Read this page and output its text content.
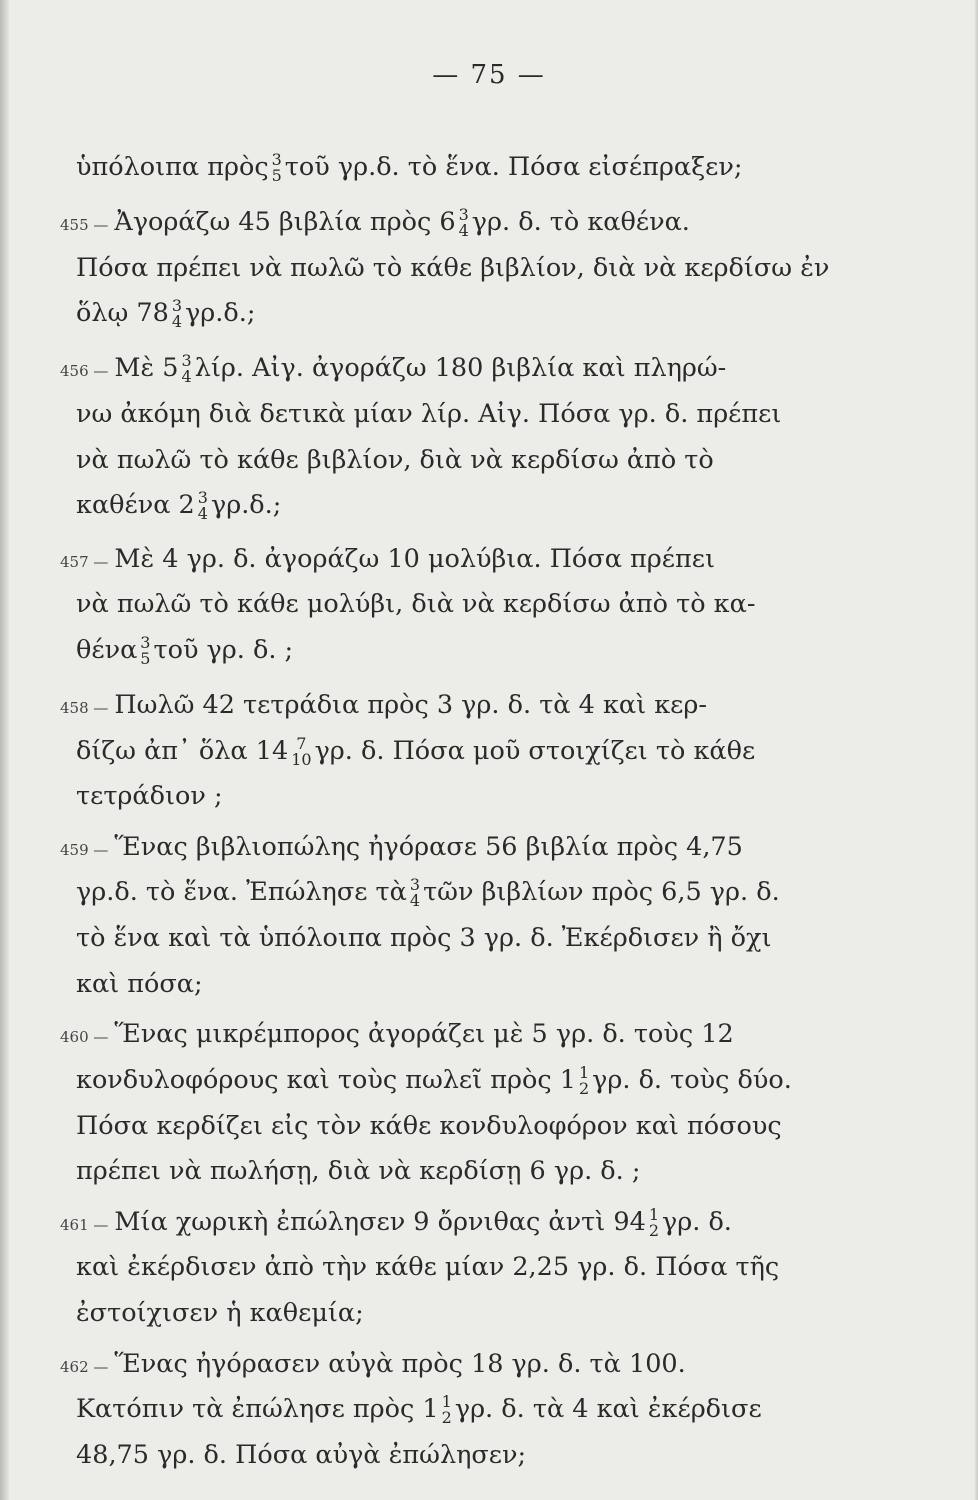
— 75 —
ὑπόλοιπα πρὸς 3
5 τοῦ γρ.δ. τὸ ἕνα. Πόσα εἰσέπραξεν;
455 — Ἀγοράζω 45 βιβλία πρὸς 6 3
4 γρ. δ. τὸ καθένα.
Πόσα πρέπει νὰ πωλῶ τὸ κάθε βιβλίον, διὰ νὰ κερδίσω ἐν
ὅλῳ 78 3
4 γρ.δ.;
456 — Μὲ 5 3
4 λίρ. Αἰγ. ἀγοράζω 180 βιβλία καὶ πληρώ-
νω ἀκόμη διὰ δετικὰ μίαν λίρ. Αἰγ. Πόσα γρ. δ. πρέπει
νὰ πωλῶ τὸ κάθε βιβλίον, διὰ νὰ κερδίσω ἀπὸ τὸ
καθένα 2 3
4 γρ.δ.;
457 — Μὲ 4 γρ. δ. ἀγοράζω 10 μολύβια. Πόσα πρέπει
νὰ πωλῶ τὸ κάθε μολύβι, διὰ νὰ κερδίσω ἀπὸ τὸ κα-
θένα 3
5 τοῦ γρ. δ. ;
458 — Πωλῶ 42 τετράδια πρὸς 3 γρ. δ. τὰ 4 καὶ κερ-
δίζω ἀπ᾽ ὅλα 14 7
10 γρ. δ. Πόσα μοῦ στοιχίζει τὸ κάθε
τετράδιον ;
459 — Ἕνας βιβλιοπώλης ἠγόρασε 56 βιβλία πρὸς 4,75
γρ.δ. τὸ ἕνα. Ἐπώλησε τὰ 3
4 τῶν βιβλίων πρὸς 6,5 γρ. δ.
τὸ ἕνα καὶ τὰ ὑπόλοιπα πρὸς 3 γρ. δ. Ἐκέρδισεν ἢ ὄχι
καὶ πόσα;
460 — Ἕνας μικρέμπορος ἀγοράζει μὲ 5 γρ. δ. τοὺς 12
κονδυλοφόρους καὶ τοὺς πωλεῖ πρὸς 1 1
2 γρ. δ. τοὺς δύο.
Πόσα κερδίζει εἰς τὸν κάθε κονδυλοφόρον καὶ πόσους
πρέπει νὰ πωλήσῃ, διὰ νὰ κερδίσῃ 6 γρ. δ. ;
461 — Μία χωρικὴ ἐπώλησεν 9 ὄρνιθας ἀντὶ 94 1
2 γρ. δ.
καὶ ἐκέρδισεν ἀπὸ τὴν κάθε μίαν 2,25 γρ. δ. Πόσα τῆς
ἐστοίχισεν ἡ καθεμία;
462 — Ἕνας ἠγόρασεν αὐγὰ πρὸς 18 γρ. δ. τὰ 100.
Κατόπιν τὰ ἐπώλησε πρὸς 1 1
2 γρ. δ. τὰ 4 καὶ ἐκέρδισε
48,75 γρ. δ. Πόσα αὐγὰ ἐπώλησεν;
